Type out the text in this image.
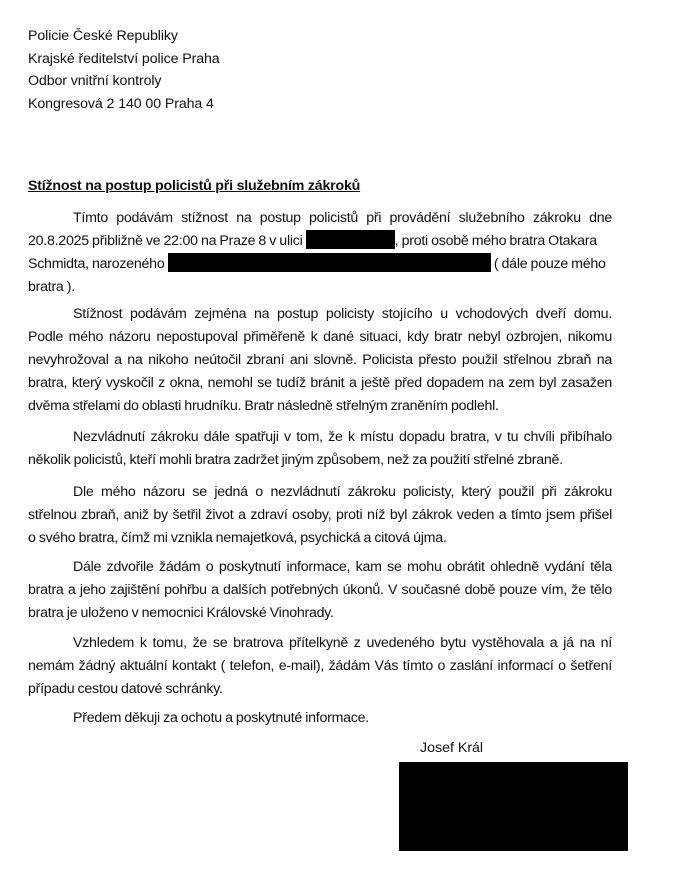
Policie České Republiky
Krajské ředitelství police Praha
Odbor vnitřní kontroly
Kongresová 2 140 00 Praha 4
Stížnost na postup policistů při služebním zákroků
Tímto podávám stížnost na postup policistů při provádění služebního zákroku dne
20.8.2025 přibližně ve 22:00 na Praze 8 v ulici	, proti osobě mého bratra Otakara
Schmidta, narozeného	( dále pouze mého
bratra ).
Stížnost podávám zejména na postup policisty stojícího u vchodových dveří domu.
Podle mého názoru nepostupoval přiměřeně k dané situaci, kdy bratr nebyl ozbrojen, nikomu
nevyhrožoval a na nikoho neútočil zbraní ani slovně. Policista přesto použil střelnou zbraň na
bratra, který vyskočil z okna, nemohl se tudíž bránit a ještě před dopadem na zem byl zasažen
dvěma střelami do oblasti hrudníku. Bratr následně střelným zraněním podlehl.
Nezvládnutí zákroku dále spatřuji v tom, že k místu dopadu bratra, v tu chvíli přibíhalo
několik policistů, kteří mohli bratra zadržet jiným způsobem, než za použití střelné zbraně.
Dle mého názoru se jedná o nezvládnutí zákroku policisty, který použil při zákroku
střelnou zbraň, aniž by šetřil život a zdraví osoby, proti níž byl zákrok veden a tímto jsem přišel
o svého bratra, čímž mi vznikla nemajetková, psychická a citová újma.
Dále zdvořile žádám o poskytnutí informace, kam se mohu obrátit ohledně vydání těla
bratra a jeho zajištění pohřbu a dalších potřebných úkonů. V současné době pouze vím, že tělo
bratra je uloženo v nemocnici Královské Vinohrady.
Vzhledem k tomu, že se bratrova přítelkyně z uvedeného bytu vystěhovala a já na ní
nemám žádný aktuální kontakt ( telefon, e-mail), žádám Vás tímto o zaslání informací o šetření
případu cestou datové schránky.
Předem děkuji za ochotu a poskytnuté informace.
Josef Král
